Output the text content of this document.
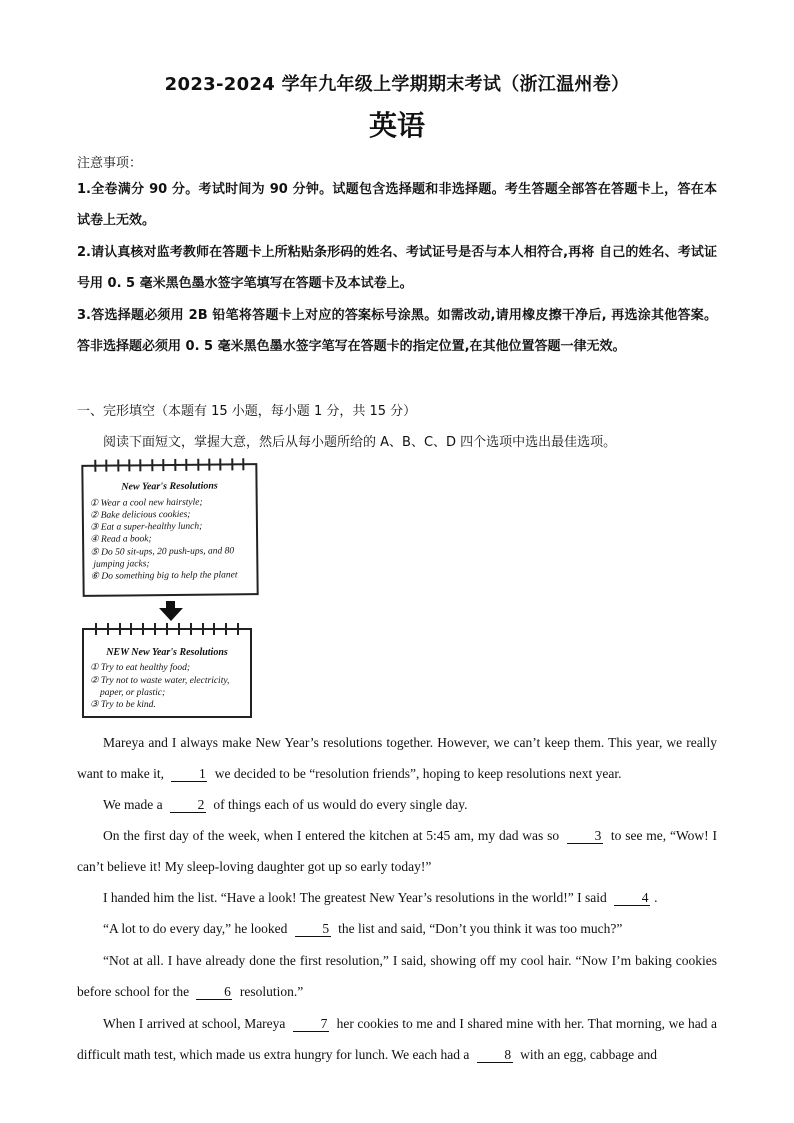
2023-2024 学年九年级上学期期末考试（浙江温州卷）
英语
注意事项：
1.全卷满分 90 分。考试时间为 90 分钟。试题包含选择题和非选择题。考生答题全部答在答题卡上，答在本试卷上无效。
2.请认真核对监考教师在答题卡上所粘贴条形码的姓名、考试证号是否与本人相符合,再将 自己的姓名、考试证号用 0. 5 毫米黑色墨水签字笔填写在答题卡及本试卷上。
3.答选择题必须用 2B 铅笔将答题卡上对应的答案标号涂黑。如需改动,请用橡皮擦干净后, 再选涂其他答案。答非选择题必须用 0. 5 毫米黑色墨水签字笔写在答题卡的指定位置,在其他位置答题一律无效。
一、完形填空（本题有 15 小题，每小题 1 分，共 15 分）
阅读下面短文，掌握大意，然后从每小题所给的 A、B、C、D 四个选项中选出最佳选项。
New Year's Resolutions
① Wear a cool new hairstyle;
② Bake delicious cookies;
③ Eat a super-healthy lunch;
④ Read a book;
⑤ Do 50 sit-ups, 20 push-ups, and 80
jumping jacks;
⑥ Do something big to help the planet
NEW New Year's Resolutions
① Try to eat healthy food;
② Try not to waste water, electricity,
paper, or plastic;
③ Try to be kind.
Mareya and I always make New Year’s resolutions together. However, we can’t keep them. This year, we really want to make it, 1 we decided to be “resolution friends”, hoping to keep resolutions next year.
We made a 2 of things each of us would do every single day.
On the first day of the week, when I entered the kitchen at 5:45 am, my dad was so 3 to see me, “Wow! I can’t believe it! My sleep-loving daughter got up so early today!”
I handed him the list. “Have a look! The greatest New Year’s resolutions in the world!” I said 4 .
“A lot to do every day,” he looked 5 the list and said, “Don’t you think it was too much?”
“Not at all. I have already done the first resolution,” I said, showing off my cool hair. “Now I’m baking cookies before school for the 6 resolution.”
When I arrived at school, Mareya 7 her cookies to me and I shared mine with her. That morning, we had a difficult math test, which made us extra hungry for lunch. We each had a 8 with an egg, cabbage and
